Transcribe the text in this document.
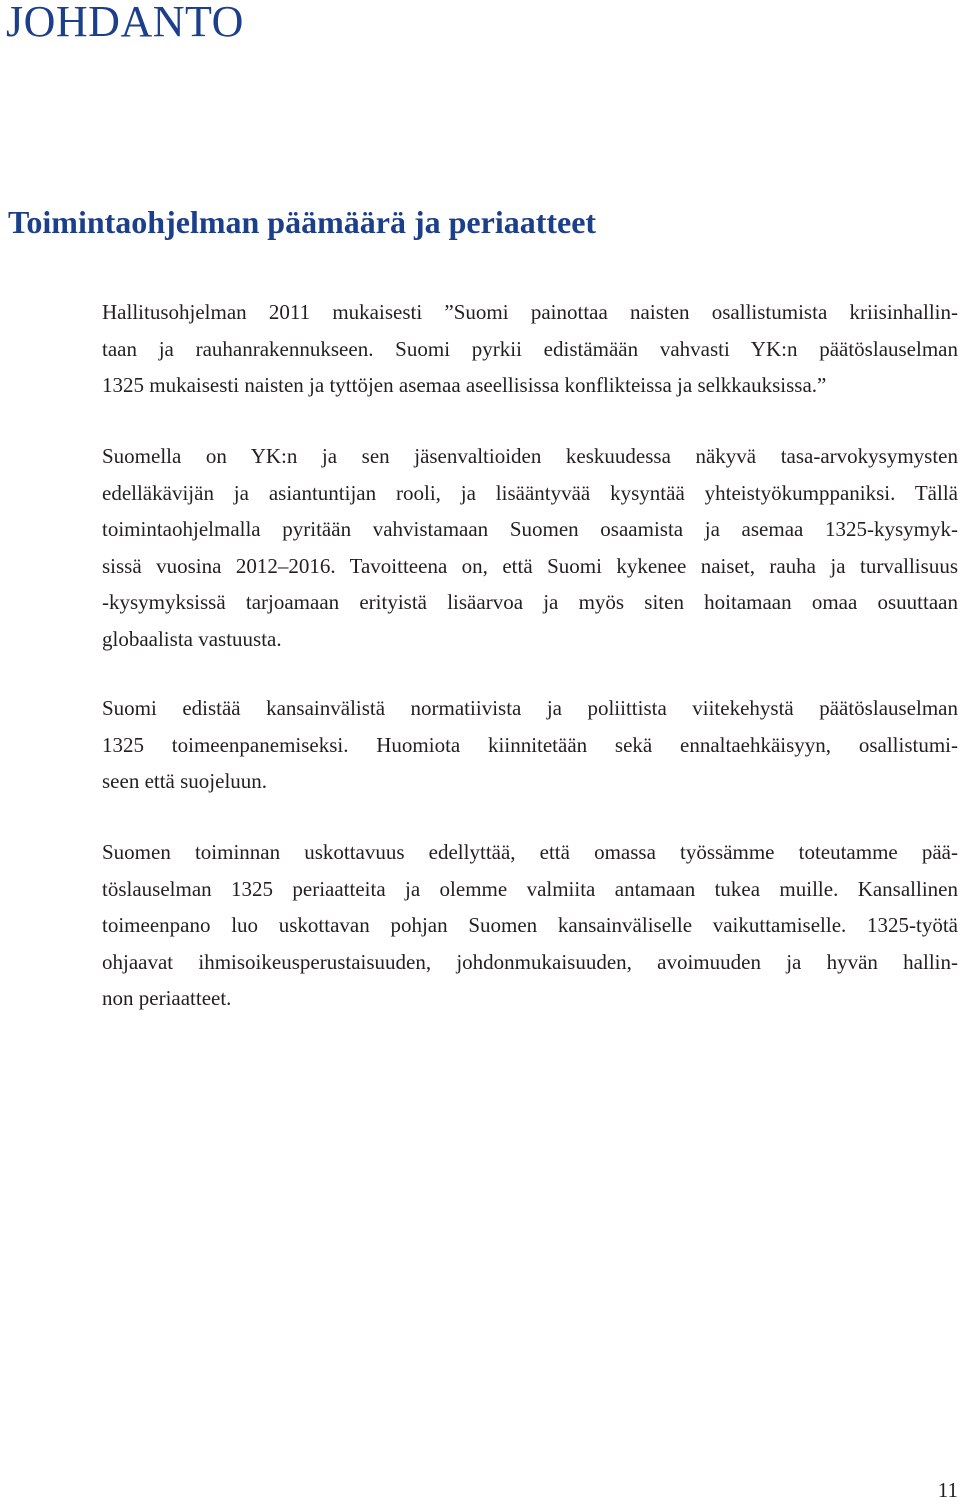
JOHDANTO
Toimintaohjelman päämäärä ja periaatteet

Hallitusohjelman 2011 mukaisesti ”Suomi painottaa naisten osallistumista kriisinhallin-
taan ja rauhanrakennukseen. Suomi pyrkii edistämään vahvasti YK:n päätöslauselman
1325 mukaisesti naisten ja tyttöjen asemaa aseellisissa konflikteissa ja selkkauksissa.”

Suomella on YK:n ja sen jäsenvaltioiden keskuudessa näkyvä tasa-arvokysymysten
edelläkävijän ja asiantuntijan rooli, ja lisääntyvää kysyntää yhteistyökumppaniksi. Tällä
toimintaohjelmalla pyritään vahvistamaan Suomen osaamista ja asemaa 1325-kysymyk-
sissä vuosina 2012–2016. Tavoitteena on, että Suomi kykenee naiset, rauha ja turvallisuus
-kysymyksissä tarjoamaan erityistä lisäarvoa ja myös siten hoitamaan omaa osuuttaan
globaalista vastuusta.

Suomi edistää kansainvälistä normatiivista ja poliittista viitekehystä päätöslauselman
1325 toimeenpanemiseksi. Huomiota kiinnitetään sekä ennaltaehkäisyyn, osallistumi-
seen että suojeluun.

Suomen toiminnan uskottavuus edellyttää, että omassa työssämme toteutamme pää-
töslauselman 1325 periaatteita ja olemme valmiita antamaan tukea muille. Kansallinen
toimeenpano luo uskottavan pohjan Suomen kansainväliselle vaikuttamiselle. 1325-työtä
ohjaavat ihmisoikeusperustaisuuden, johdonmukaisuuden, avoimuuden ja hyvän hallin-
non periaatteet.

11
